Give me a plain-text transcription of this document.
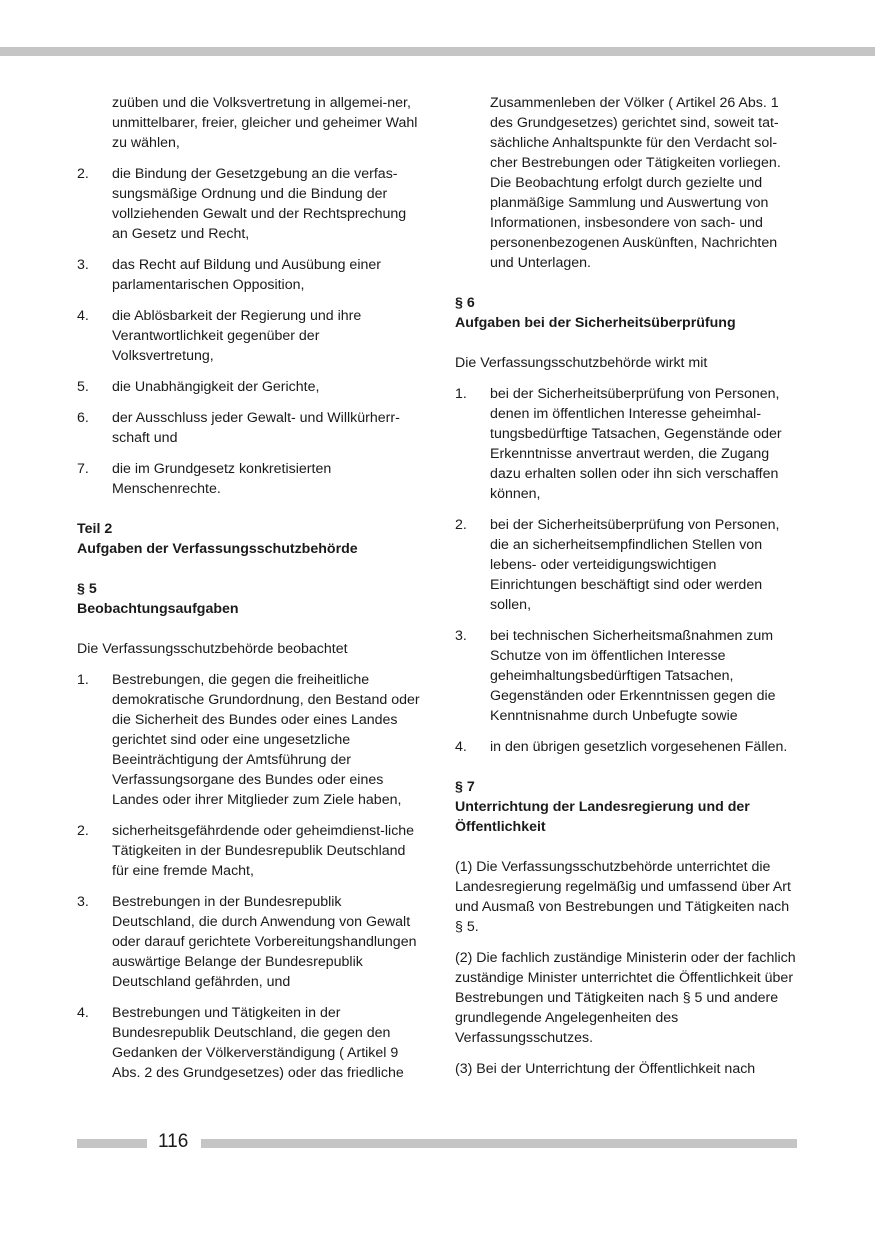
zuüben und die Volksvertretung in allgemei-ner, unmittelbarer, freier, gleicher und geheimer Wahl zu wählen,
2.	die Bindung der Gesetzgebung an die verfas-sungsmäßige Ordnung und die Bindung der vollziehenden Gewalt und der Rechtsprechung an Gesetz und Recht,
3.	das Recht auf Bildung und Ausübung einer parlamentarischen Opposition,
4.	die Ablösbarkeit der Regierung und ihre Verantwortlichkeit gegenüber der Volksvertretung,
5.	die Unabhängigkeit der Gerichte,
6.	der Ausschluss jeder Gewalt- und Willkürherr-schaft und
7.	die im Grundgesetz konkretisierten Menschenrechte.
Teil 2
Aufgaben der Verfassungsschutzbehörde
§ 5
Beobachtungsaufgaben
Die Verfassungsschutzbehörde beobachtet
1.	Bestrebungen, die gegen die freiheitliche demokratische Grundordnung, den Bestand oder die Sicherheit des Bundes oder eines Landes gerichtet sind oder eine ungesetzliche Beeinträchtigung der Amtsführung der Verfassungsorgane des Bundes oder eines Landes oder ihrer Mitglieder zum Ziele haben,
2.	sicherheitsgefährdende oder geheimdienst-liche Tätigkeiten in der Bundesrepublik Deutschland für eine fremde Macht,
3.	Bestrebungen in der Bundesrepublik Deutschland, die durch Anwendung von Gewalt oder darauf gerichtete Vorbereitungshandlungen auswärtige Belange der Bundesrepublik Deutschland gefährden, und
4.	Bestrebungen und Tätigkeiten in der Bundesrepublik Deutschland, die gegen den Gedanken der Völkerverständigung ( Artikel 9 Abs. 2 des Grundgesetzes) oder das friedliche
Zusammenleben der Völker ( Artikel 26 Abs. 1 des Grundgesetzes) gerichtet sind, soweit tat-sächliche Anhaltspunkte für den Verdacht sol-cher Bestrebungen oder Tätigkeiten vorliegen. Die Beobachtung erfolgt durch gezielte und planmäßige Sammlung und Auswertung von Informationen, insbesondere von sach- und personenbezogenen Auskünften, Nachrichten und Unterlagen.
§ 6
Aufgaben bei der Sicherheitsüberprüfung
Die Verfassungsschutzbehörde wirkt mit
1.	bei der Sicherheitsüberprüfung von Personen, denen im öffentlichen Interesse geheimhal-tungsbedürftige Tatsachen, Gegenstände oder Erkenntnisse anvertraut werden, die Zugang dazu erhalten sollen oder ihn sich verschaffen können,
2.	bei der Sicherheitsüberprüfung von Personen, die an sicherheitsempfindlichen Stellen von lebens- oder verteidigungswichtigen Einrichtungen beschäftigt sind oder werden sollen,
3.	bei technischen Sicherheitsmaßnahmen zum Schutze von im öffentlichen Interesse geheimhaltungsbedürftigen Tatsachen, Gegenständen oder Erkenntnissen gegen die Kenntnisnahme durch Unbefugte sowie
4.	in den übrigen gesetzlich vorgesehenen Fällen.
§ 7
Unterrichtung der Landesregierung und der Öffentlichkeit
(1) Die Verfassungsschutzbehörde unterrichtet die Landesregierung regelmäßig und umfassend über Art und Ausmaß von Bestrebungen und Tätigkeiten nach § 5.
(2) Die fachlich zuständige Ministerin oder der fachlich zuständige Minister unterrichtet die Öffentlichkeit über Bestrebungen und Tätigkeiten nach § 5 und andere grundlegende Angelegenheiten des Verfassungsschutzes.
(3) Bei der Unterrichtung der Öffentlichkeit nach
116
